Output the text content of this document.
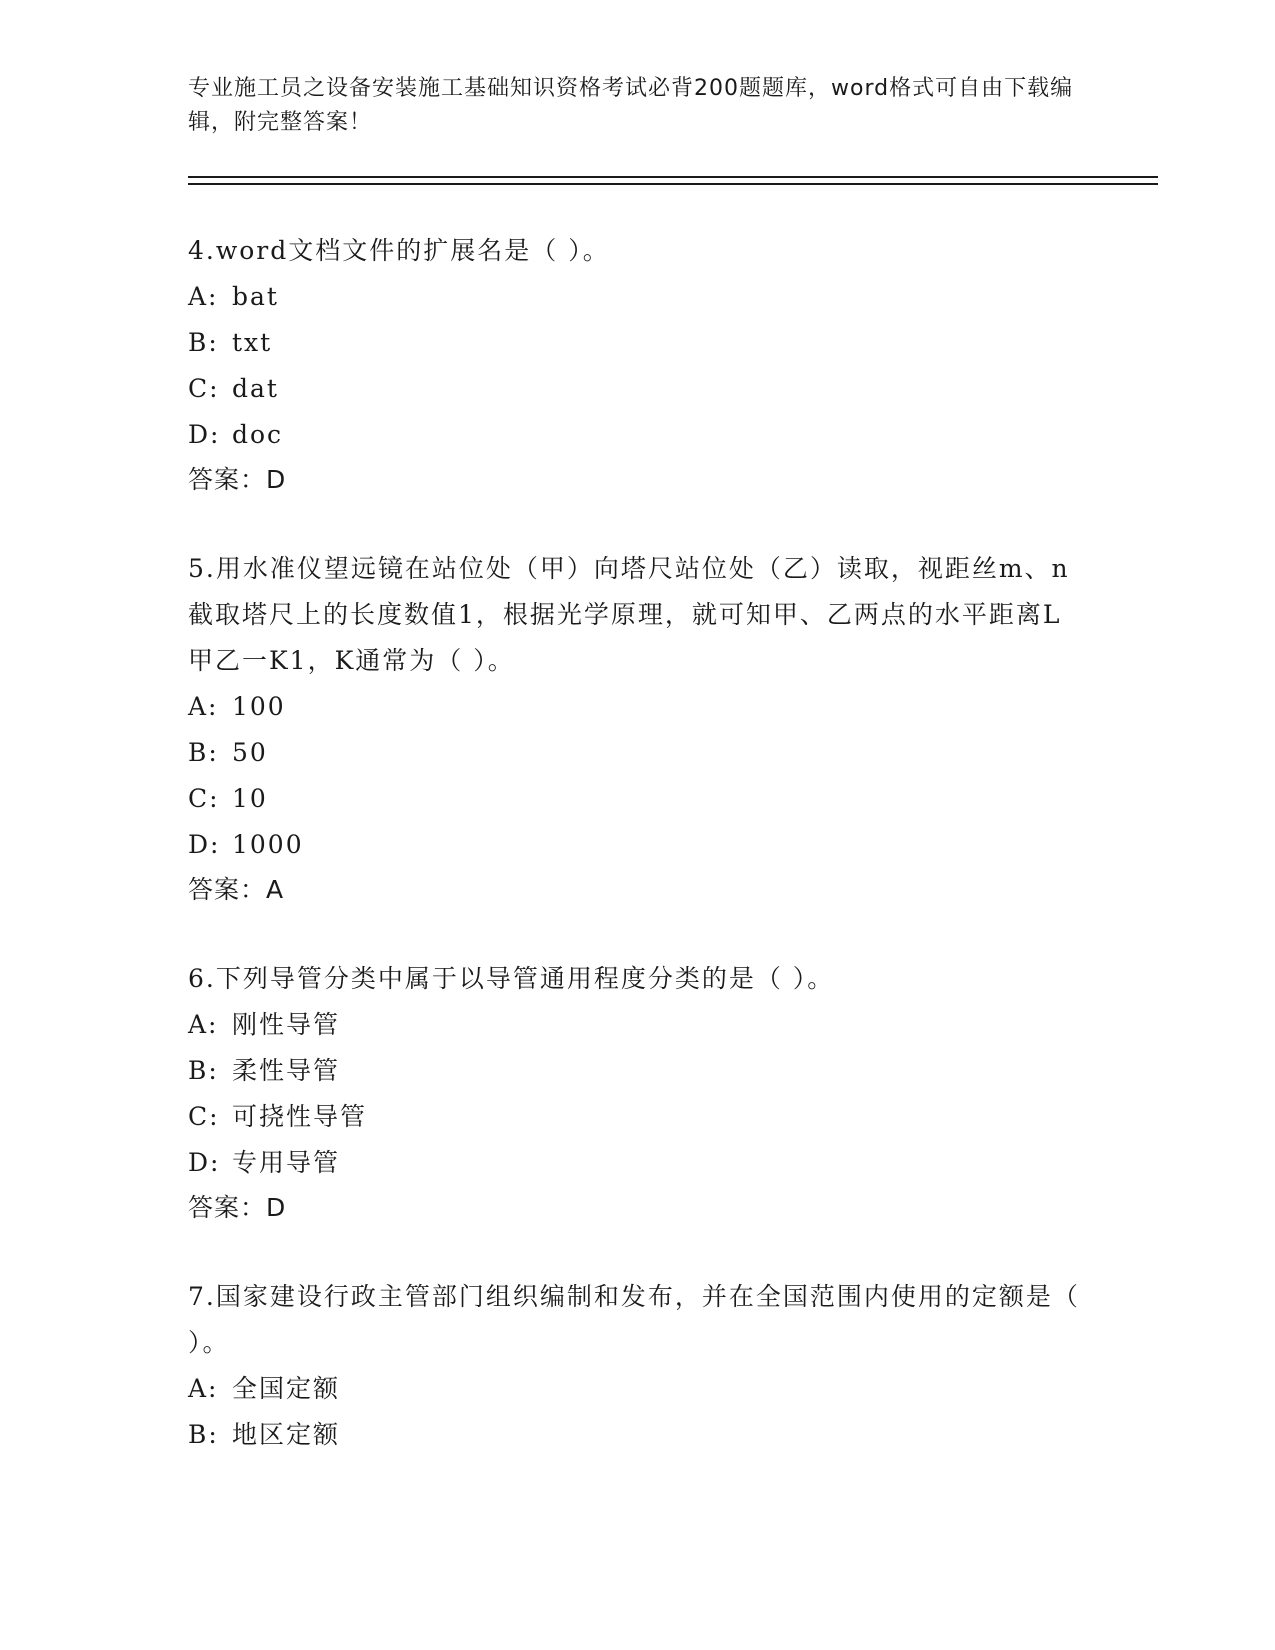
专业施工员之设备安装施工基础知识资格考试必背200题题库，word格式可自由下载编辑，附完整答案！

4.word文档文件的扩展名是（ ）。

A: bat

B: txt

C: dat

D: doc

答案：D

5.用水准仪望远镜在站位处（甲）向塔尺站位处（乙）读取，视距丝m、n截取塔尺上的长度数值1，根据光学原理，就可知甲、乙两点的水平距离L甲乙一K1，K通常为（ ）。

A: 100

B: 50

C: 10

D: 1000

答案：A

6.下列导管分类中属于以导管通用程度分类的是（ ）。

A: 刚性导管

B: 柔性导管

C: 可挠性导管

D: 专用导管

答案：D

7.国家建设行政主管部门组织编制和发布，并在全国范围内使用的定额是（ ）。

A: 全国定额

B: 地区定额
